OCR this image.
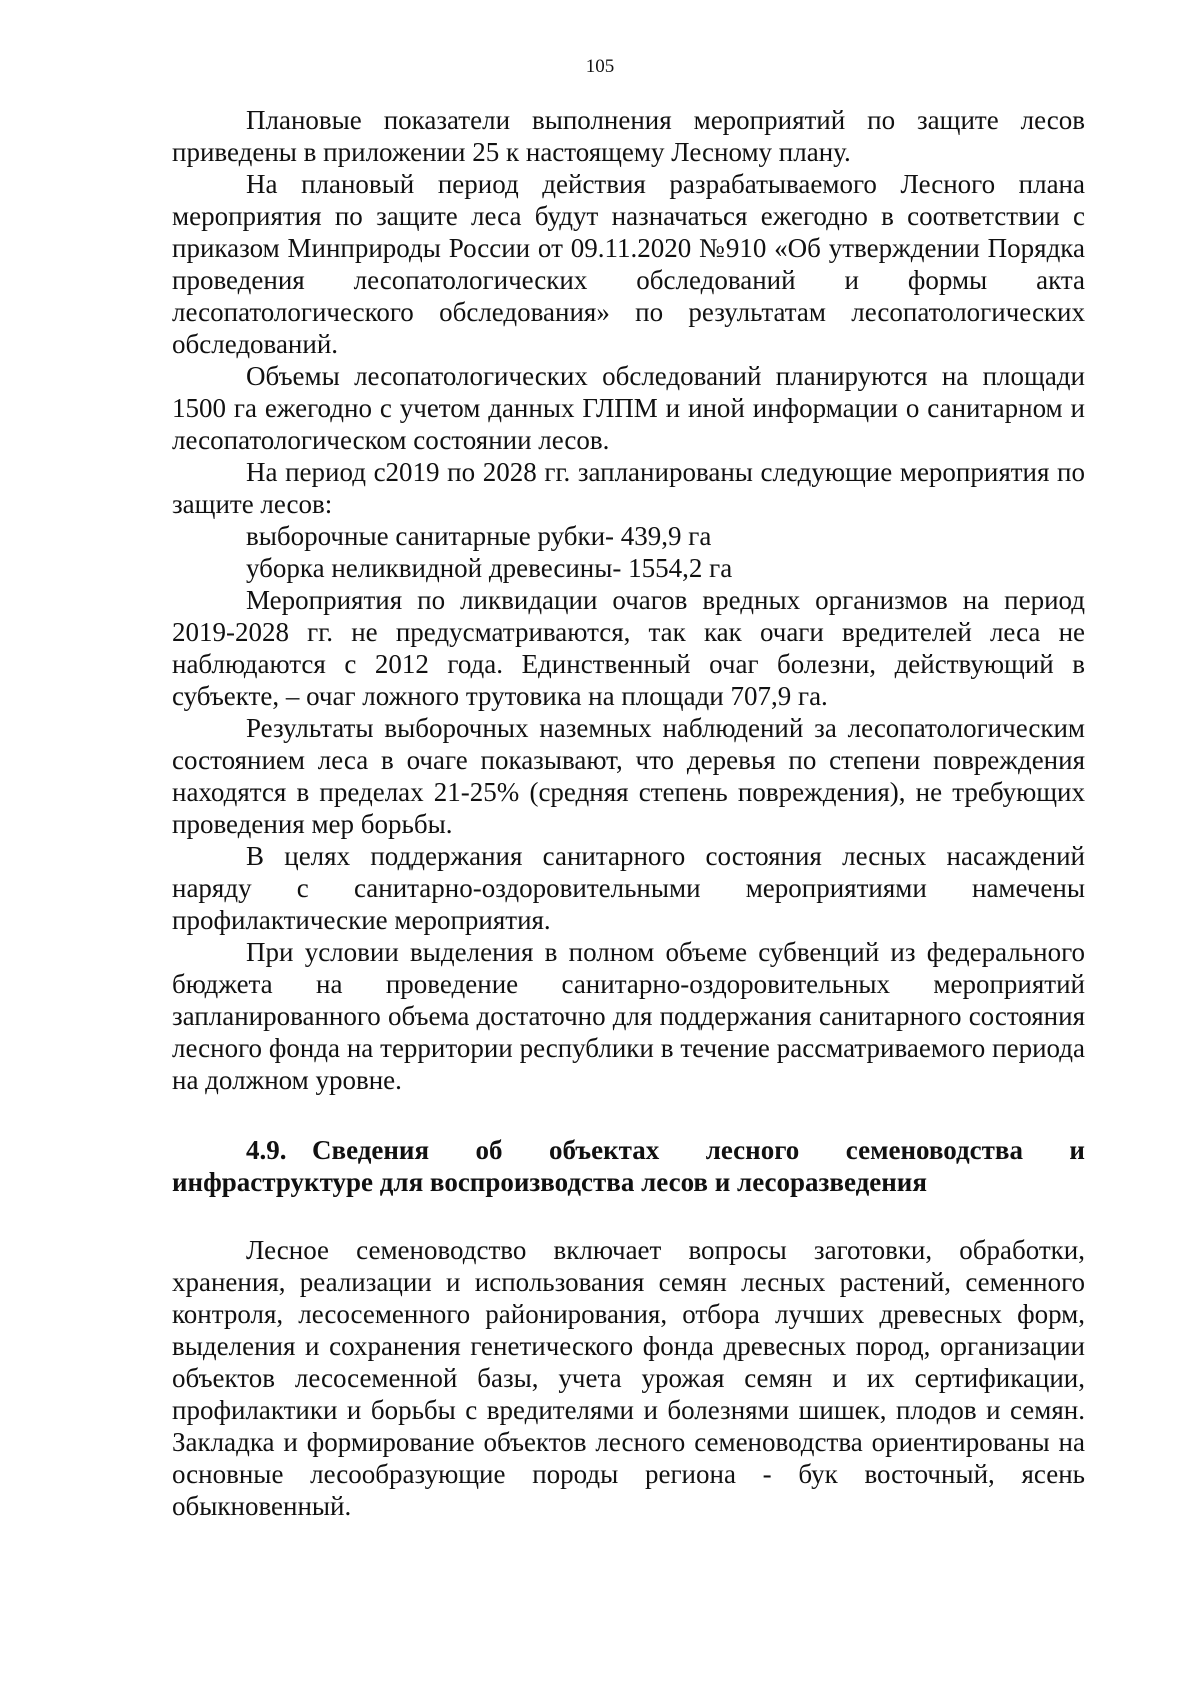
105

Плановые показатели выполнения мероприятий по защите лесов приведены в приложении 25 к настоящему Лесному плану.

На плановый период действия разрабатываемого Лесного плана мероприятия по защите леса будут назначаться ежегодно в соответствии с приказом Минприроды России от 09.11.2020 №910 «Об утверждении Порядка проведения лесопатологических обследований и формы акта лесопатологического обследования» по результатам лесопатологических обследований.

Объемы лесопатологических обследований планируются на площади 1500 га ежегодно с учетом данных ГЛПМ и иной информации о санитарном и лесопатологическом состоянии лесов.

На период с2019 по 2028 гг. запланированы следующие мероприятия по защите лесов:

выборочные санитарные рубки- 439,9 га

уборка неликвидной древесины- 1554,2 га

Мероприятия по ликвидации очагов вредных организмов на период 2019-2028 гг. не предусматриваются, так как очаги вредителей леса не наблюдаются с 2012 года. Единственный очаг болезни, действующий в субъекте, – очаг ложного трутовика на площади 707,9 га.

Результаты выборочных наземных наблюдений за лесопатологическим состоянием леса в очаге показывают, что деревья по степени повреждения находятся в пределах 21-25% (средняя степень повреждения), не требующих проведения мер борьбы.

В целях поддержания санитарного состояния лесных насаждений наряду с санитарно-оздоровительными мероприятиями намечены профилактические мероприятия.

При условии выделения в полном объеме субвенций из федерального бюджета на проведение санитарно-оздоровительных мероприятий запланированного объема достаточно для поддержания санитарного состояния лесного фонда на территории республики в течение рассматриваемого периода на должном уровне.

4.9. Сведения об объектах лесного семеноводства и инфраструктуре для воспроизводства лесов и лесоразведения

Лесное семеноводство включает вопросы заготовки, обработки, хранения, реализации и использования семян лесных растений, семенного контроля, лесосеменного районирования, отбора лучших древесных форм, выделения и сохранения генетического фонда древесных пород, организации объектов лесосеменной базы, учета урожая семян и их сертификации, профилактики и борьбы с вредителями и болезнями шишек, плодов и семян. Закладка и формирование объектов лесного семеноводства ориентированы на основные лесообразующие породы региона - бук восточный, ясень обыкновенный.
